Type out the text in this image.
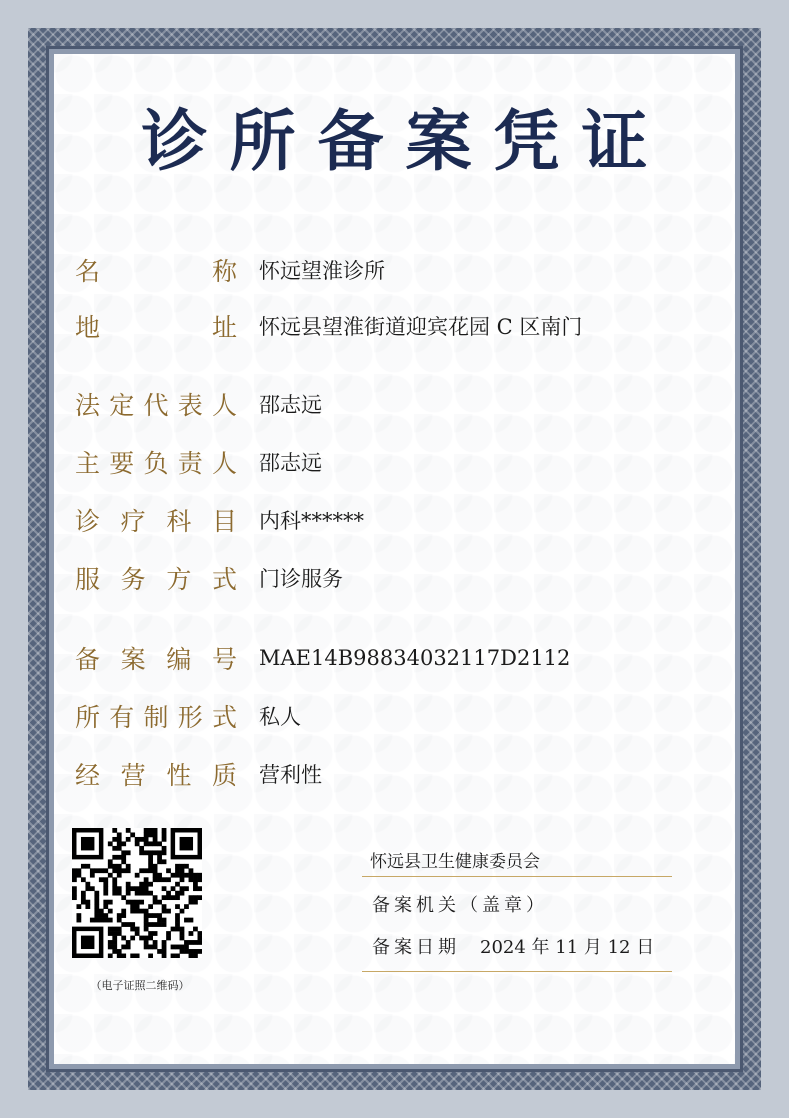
诊所备案凭证
名	称 怀远望淮诊所
地	址 怀远县望淮街道迎宾花园 C 区南门
法 定 代 表 人 邵志远
主 要 负 责 人 邵志远
诊 疗 科 目 内科******
服 务 方 式 门诊服务
备 案 编 号 MAE14B98834032117D2112
所 有 制 形 式 私人
经 营 性 质 营利性
（电子证照二维码）
怀远县卫生健康委员会
备案机关（盖章）
备案日期 2024 年 11 月 12 日
